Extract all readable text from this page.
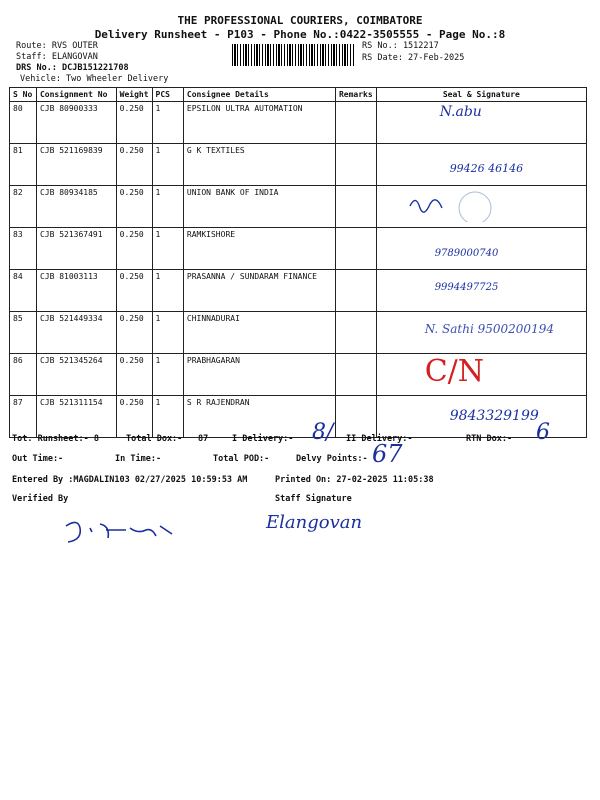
THE PROFESSIONAL COURIERS, COIMBATORE
Delivery Runsheet - P103 - Phone No.:0422-3505555 - Page No.:8
Route: RVS OUTER
Staff: ELANGOVAN
DRS No.: DCJB151221708
Vehicle: Two Wheeler Delivery
RS No.: 1512217
RS Date: 27-Feb-2025
S No	Consignment No	Weight	PCS	Consignee Details	Remarks	Seal & Signature
80	CJB 80900333	0.250	1	EPSILON ULTRA AUTOMATION		N.abu
81	CJB 521169839	0.250	1	G K TEXTILES		99426 46146
82	CJB 80934185	0.250	1	UNION BANK OF INDIA		
83	CJB 521367491	0.250	1	RAMKISHORE		9789000740
84	CJB 81003113	0.250	1	PRASANNA / SUNDARAM FINANCE		9994497725
85	CJB 521449334	0.250	1	CHINNADURAI		N. Sathi 9500200194
86	CJB 521345264	0.250	1	PRABHAGARAN		C/N
87	CJB 521311154	0.250	1	S R RAJENDRAN		9843329199
Tot. Runsheet:- 8	Total Dox:- 87	I Delivery:- 8/ II Delivery:-	RTN Dox:- 6
Out Time:-	In Time:-	Total POD:-	Delvy Points:- 67
Entered By :MAGDALIN103 02/27/2025 10:59:53 AM	Printed On: 27-02-2025 11:05:38
Verified By	Staff Signature
Elangovan
